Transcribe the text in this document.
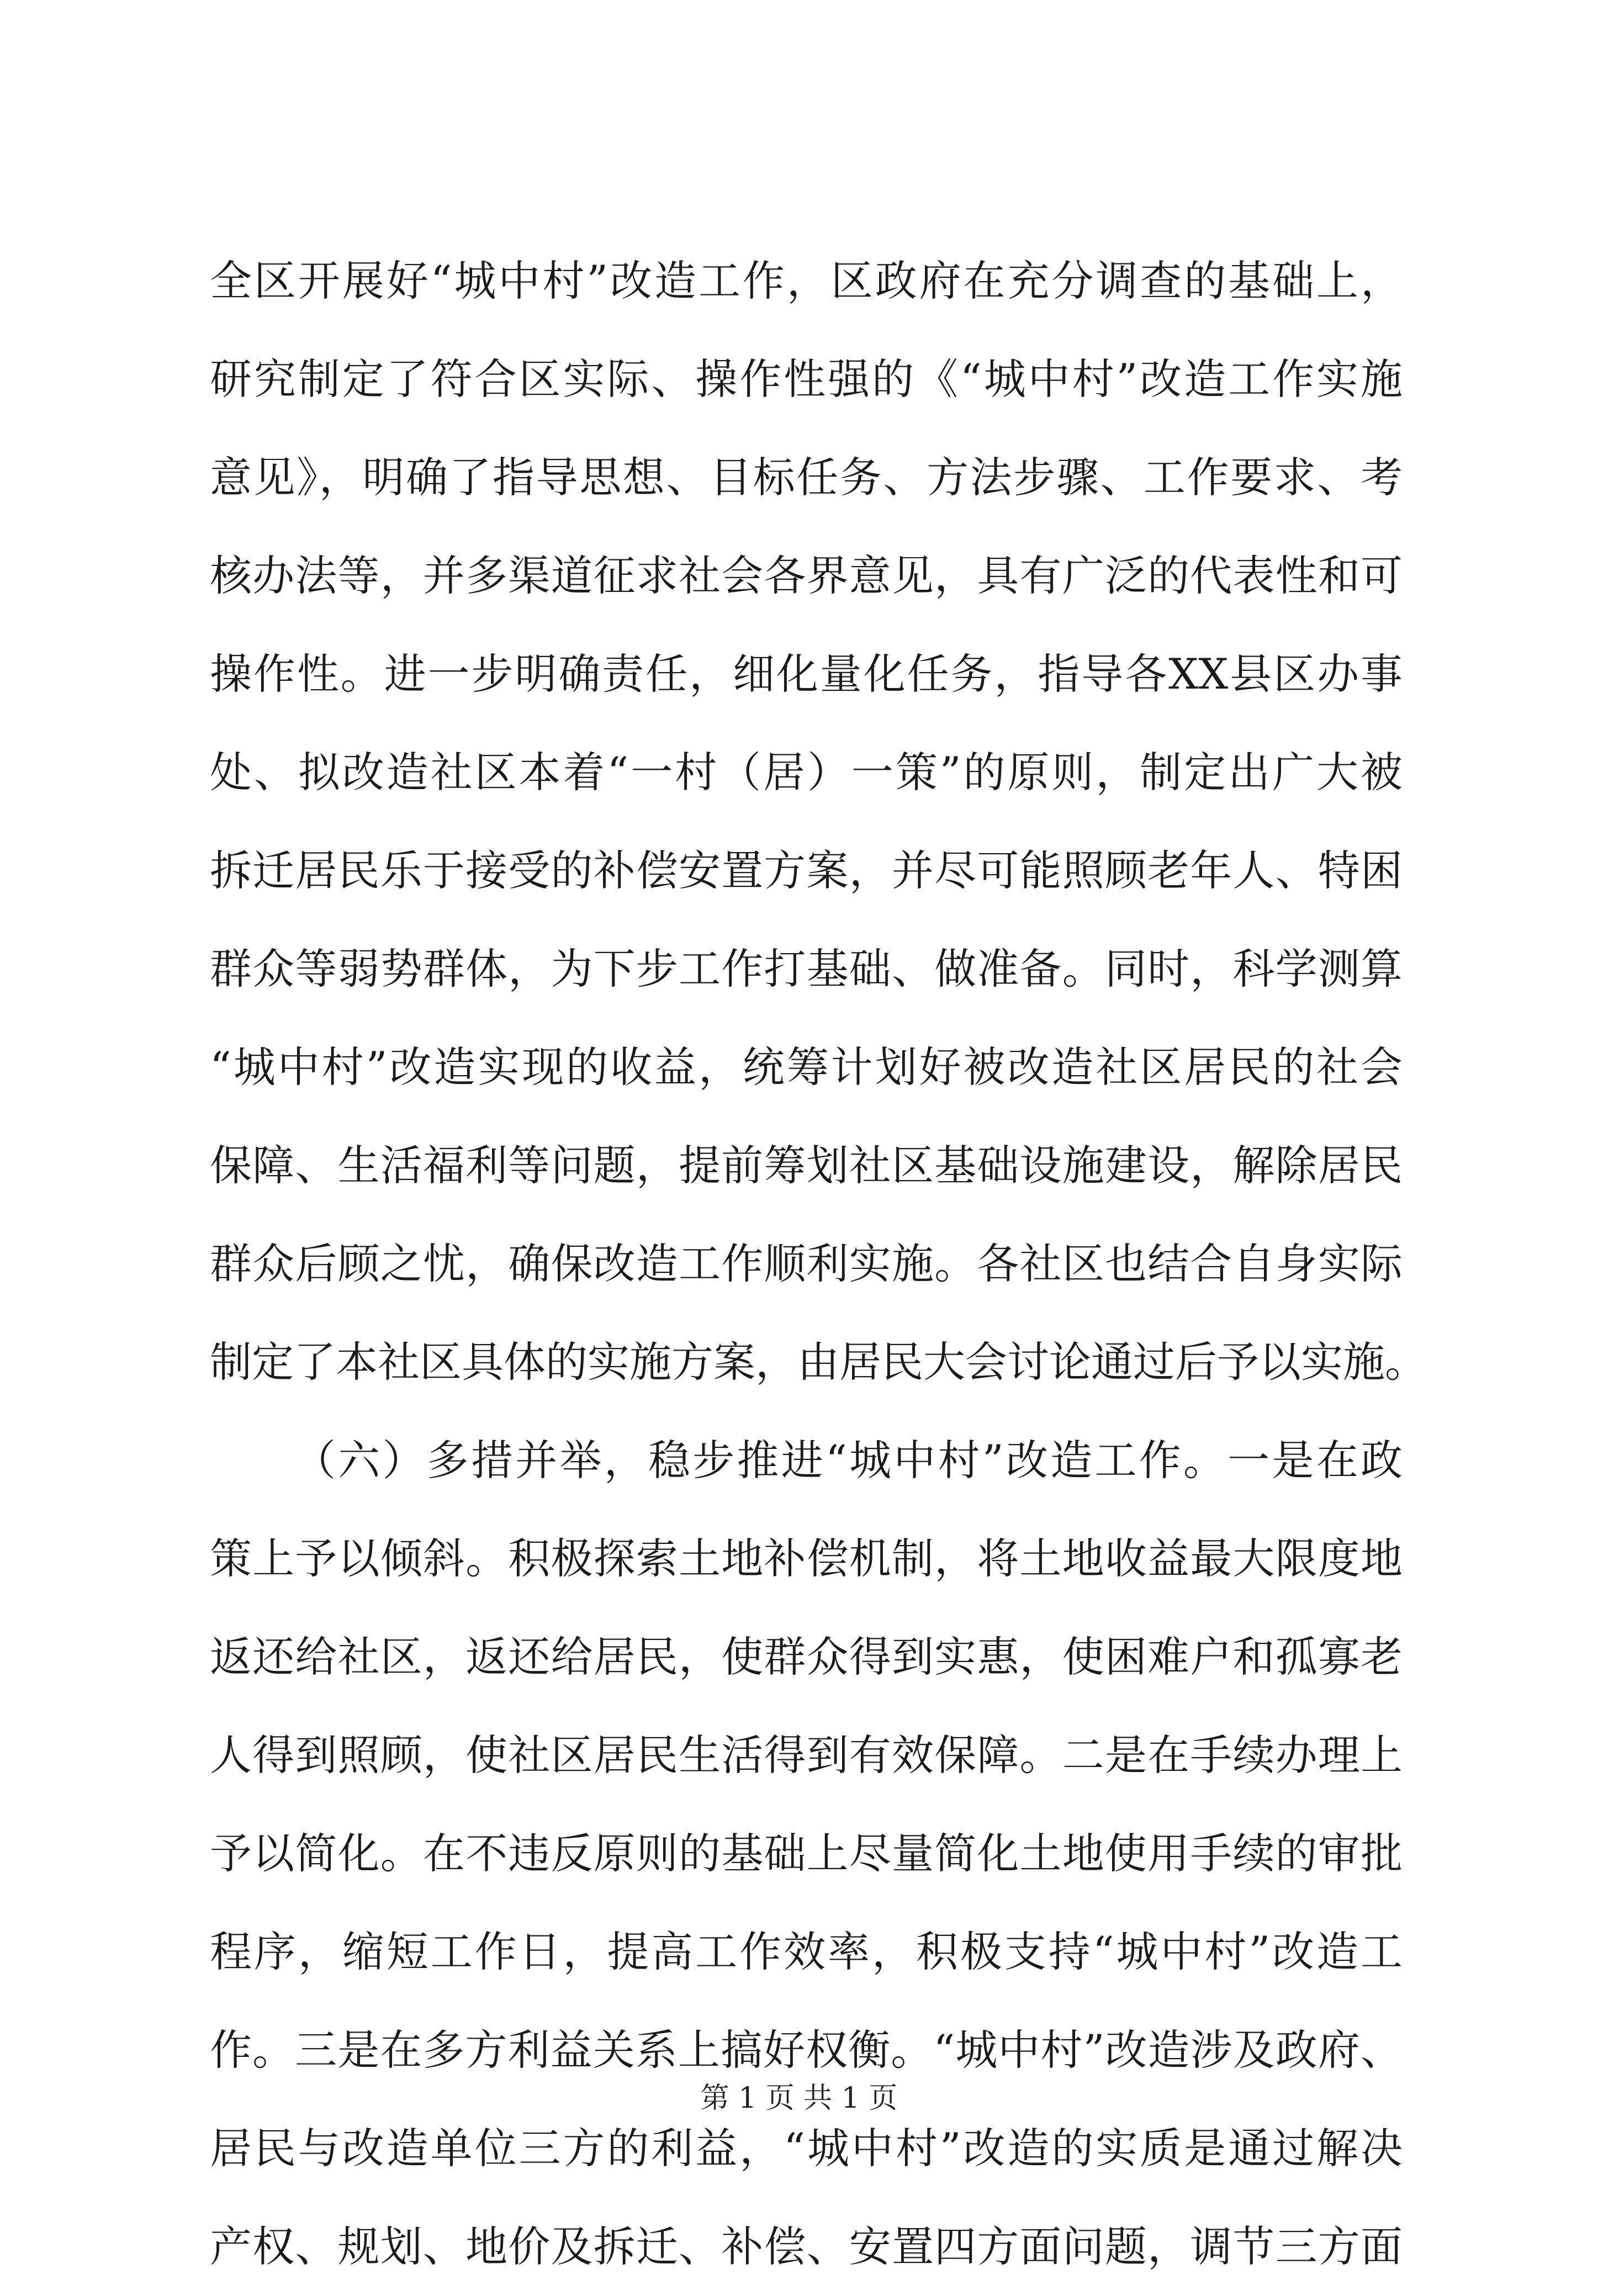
全区开展好“城中村”改造工作，区政府在充分调查的基础上，
研究制定了符合区实际、操作性强的《“城中村”改造工作实施
意见》，明确了指导思想、目标任务、方法步骤、工作要求、考
核办法等，并多渠道征求社会各界意见，具有广泛的代表性和可
操作性。进一步明确责任，细化量化任务，指导各XX县区办事
处、拟改造社区本着“一村（居）一策”的原则，制定出广大被
拆迁居民乐于接受的补偿安置方案，并尽可能照顾老年人、特困
群众等弱势群体，为下步工作打基础、做准备。同时，科学测算
“城中村”改造实现的收益，统筹计划好被改造社区居民的社会
保障、生活福利等问题，提前筹划社区基础设施建设，解除居民
群众后顾之忧，确保改造工作顺利实施。各社区也结合自身实际
制定了本社区具体的实施方案，由居民大会讨论通过后予以实施。
（六）多措并举，稳步推进“城中村”改造工作。一是在政
策上予以倾斜。积极探索土地补偿机制，将土地收益最大限度地
返还给社区，返还给居民，使群众得到实惠，使困难户和孤寡老
人得到照顾，使社区居民生活得到有效保障。二是在手续办理上
予以简化。在不违反原则的基础上尽量简化土地使用手续的审批
程序，缩短工作日，提高工作效率，积极支持“城中村”改造工
作。三是在多方利益关系上搞好权衡。“城中村”改造涉及政府、
居民与改造单位三方的利益，“城中村”改造的实质是通过解决
产权、规划、地价及拆迁、补偿、安置四方面问题，调节三方面
第 1 页 共 1 页
